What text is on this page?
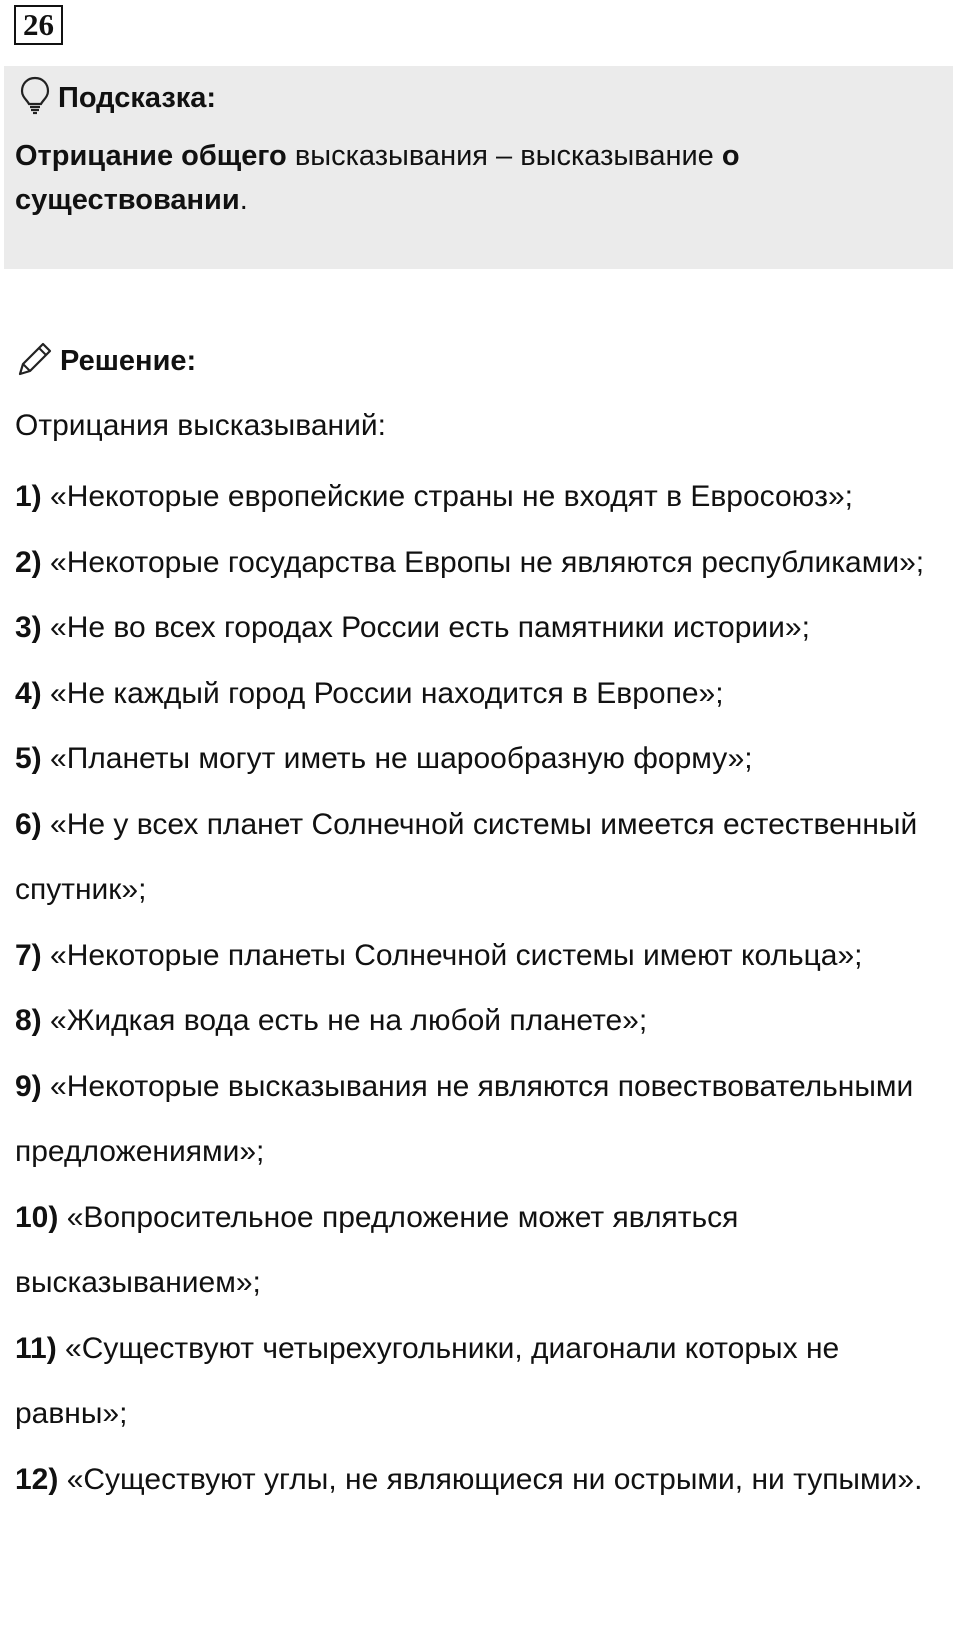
26
Подсказка:
Отрицание общего высказывания – высказывание о существовании.
Решение:
Отрицания высказываний:
1) «Некоторые европейские страны не входят в Евросоюз»;
2) «Некоторые государства Европы не являются республиками»;
3) «Не во всех городах России есть памятники истории»;
4) «Не каждый город России находится в Европе»;
5) «Планеты могут иметь не шарообразную форму»;
6) «Не у всех планет Солнечной системы имеется естественный спутник»;
7) «Некоторые планеты Солнечной системы имеют кольца»;
8) «Жидкая вода есть не на любой планете»;
9) «Некоторые высказывания не являются повествовательными предложениями»;
10) «Вопросительное предложение может являться высказыванием»;
11) «Существуют четырехугольники, диагонали которых не равны»;
12) «Существуют углы, не являющиеся ни острыми, ни тупыми».
